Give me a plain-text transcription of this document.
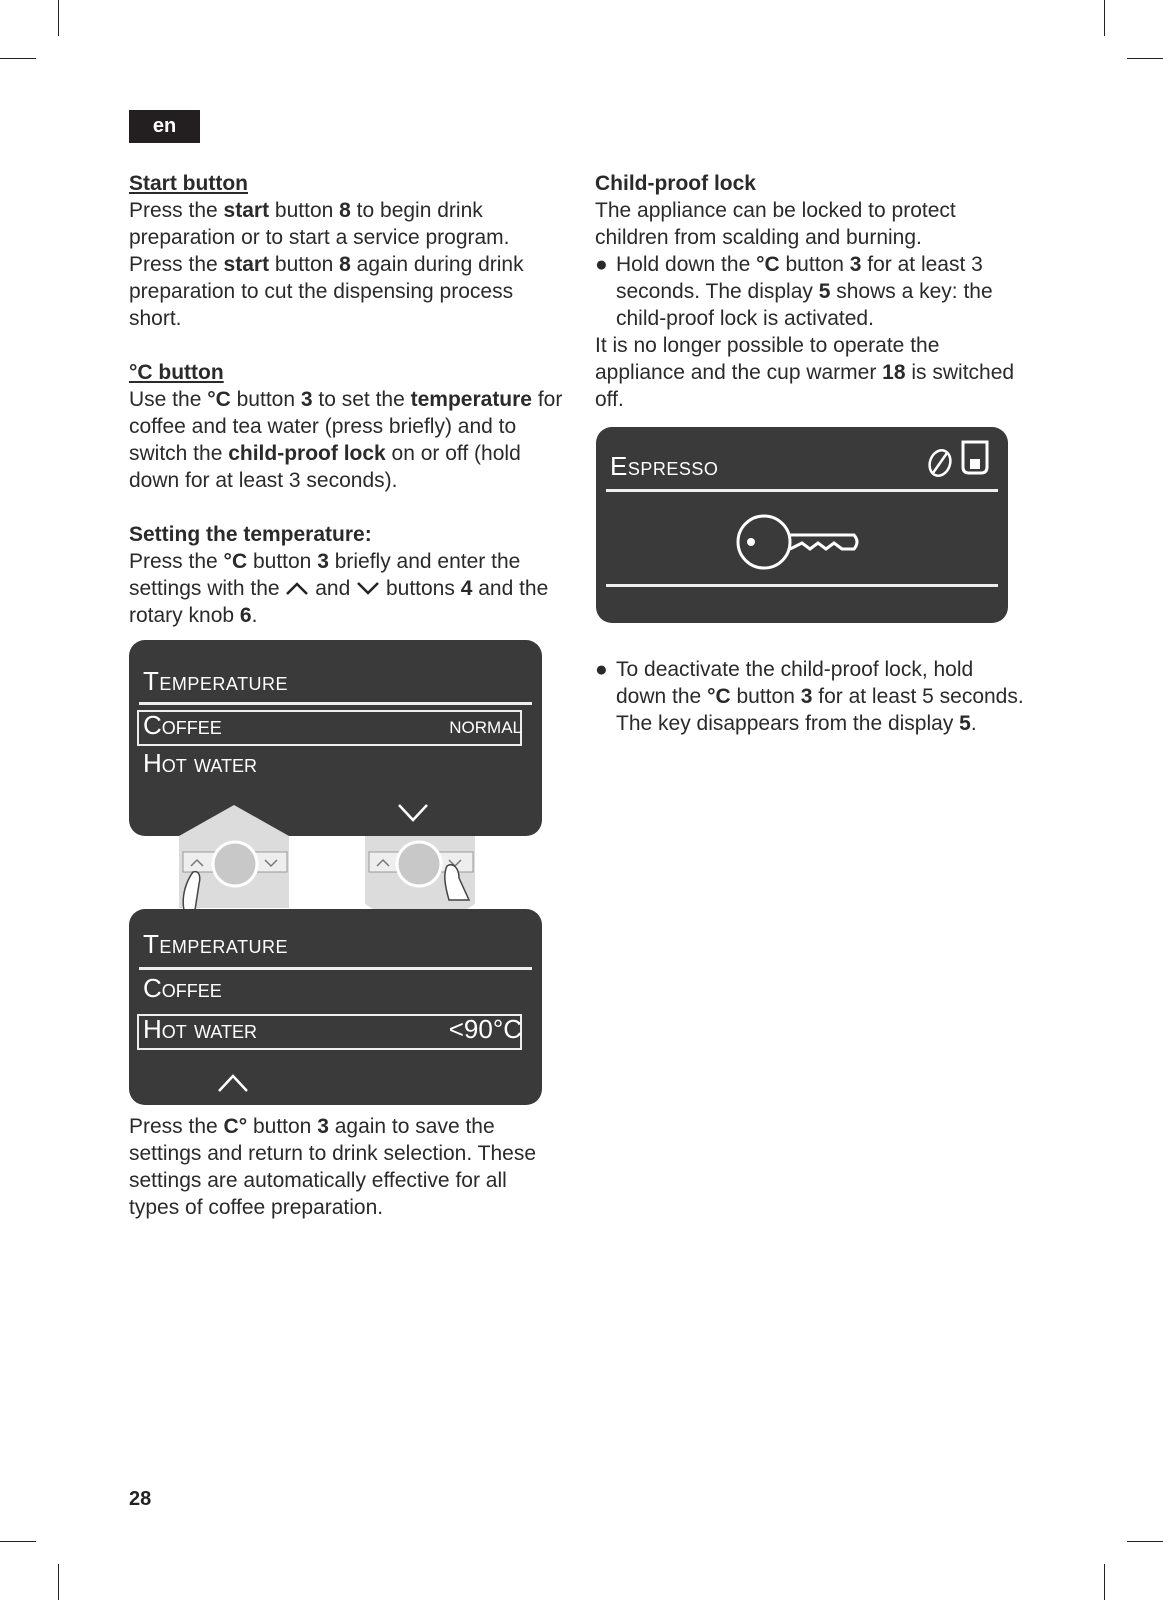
en

Start button

Press the start button 8 to begin drink preparation or to start a service program.

Press the start button 8 again during drink preparation to cut the dispensing process short.

°C button

Use the °C button 3 to set the temperature for coffee and tea water (press briefly) and to switch the child-proof lock on or off (hold down for at least 3 seconds).

Setting the temperature:

Press the °C button 3 briefly and enter the settings with the  and  buttons 4 and the rotary knob 6.

Temperature
Coffee	normal
Hot water
Temperature
Coffee
Hot water	<90°C

Press the C° button 3 again to save the settings and return to drink selection. These settings are automatically effective for all types of coffee preparation.

Child-proof lock

The appliance can be locked to protect children from scalding and burning.

● Hold down the °C button 3 for at least 3 seconds. The display 5 shows a key: the child-proof lock is activated.

It is no longer possible to operate the appliance and the cup warmer 18 is switched off.

Espresso

● To deactivate the child-proof lock, hold down the °C button 3 for at least 5 seconds. The key disappears from the display 5.

28
